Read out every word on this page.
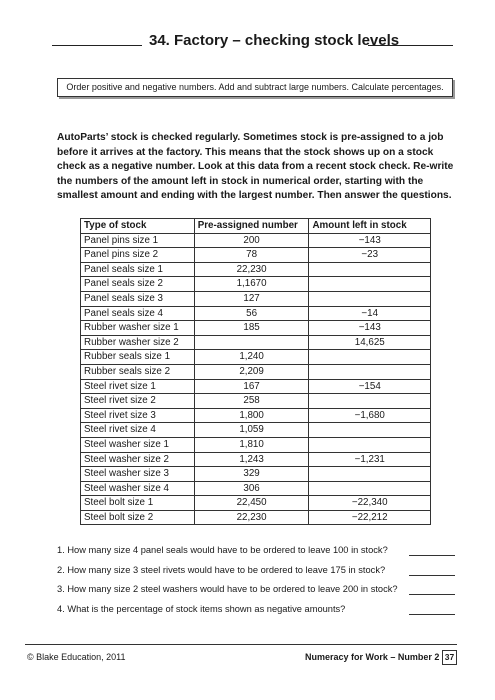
34. Factory – checking stock levels
Order positive and negative numbers. Add and subtract large numbers. Calculate percentages.
AutoParts’ stock is checked regularly. Sometimes stock is pre-assigned to a job before it arrives at the factory. This means that the stock shows up on a stock check as a negative number. Look at this data from a recent stock check. Re-write the numbers of the amount left in stock in numerical order, starting with the smallest amount and ending with the largest number. Then answer the questions.
Type of stock	Pre-assigned number	Amount left in stock
Panel pins size 1	200	−143
Panel pins size 2	78	−23
Panel seals size 1	22,230	
Panel seals size 2	1,1670	
Panel seals size 3	127	
Panel seals size 4	56	−14
Rubber washer size 1	185	−143
Rubber washer size 2		14,625
Rubber seals size 1	1,240	
Rubber seals size 2	2,209	
Steel rivet size 1	167	−154
Steel rivet size 2	258	
Steel rivet size 3	1,800	−1,680
Steel rivet size 4	1,059	
Steel washer size 1	1,810	
Steel washer size 2	1,243	−1,231
Steel washer size 3	329	
Steel washer size 4	306	
Steel bolt size 1	22,450	−22,340
Steel bolt size 2	22,230	−22,212
1. How many size 4 panel seals would have to be ordered to leave 100 in stock?
2. How many size 3 steel rivets would have to be ordered to leave 175 in stock?
3. How many size 2 steel washers would have to be ordered to leave 200 in stock?
4. What is the percentage of stock items shown as negative amounts?
© Blake Education, 2011	Numeracy for Work – Number 2 37
